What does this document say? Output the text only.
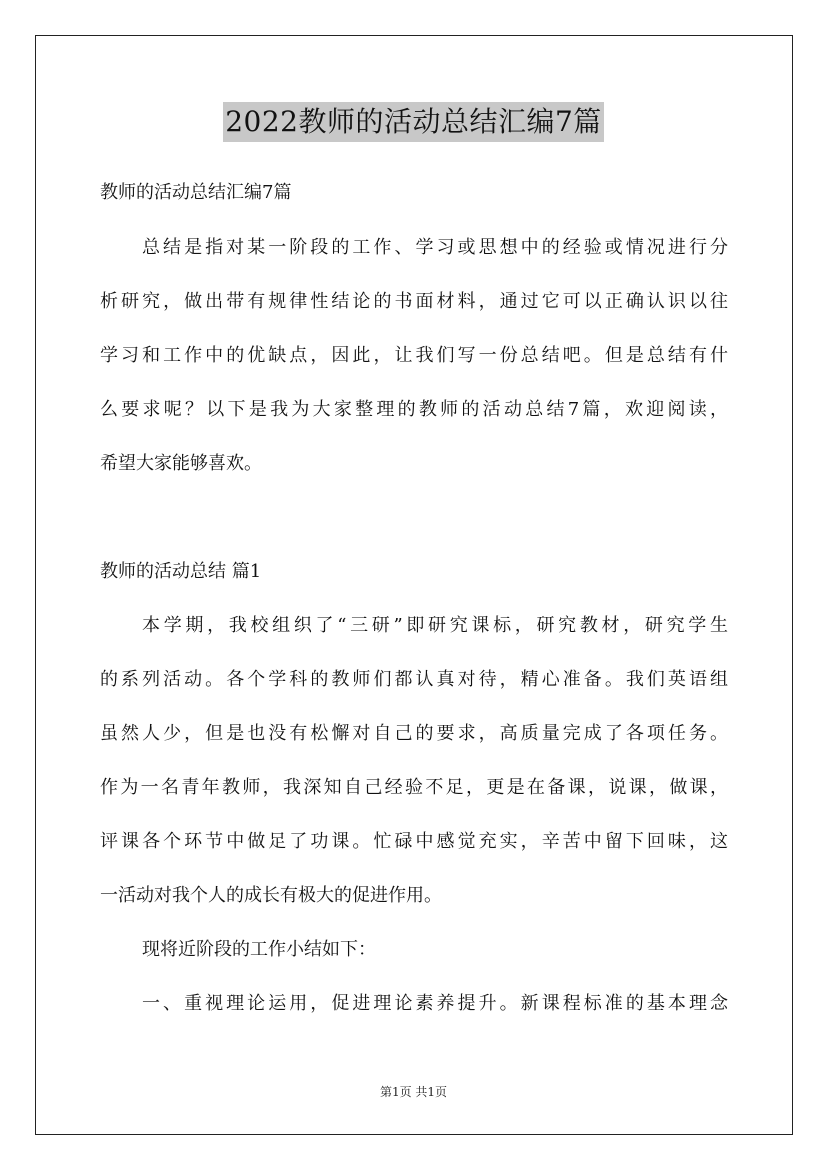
2022教师的活动总结汇编7篇
教师的活动总结汇编7篇
总结是指对某一阶段的工作、学习或思想中的经验或情况进行分
析研究，做出带有规律性结论的书面材料，通过它可以正确认识以往
学习和工作中的优缺点，因此，让我们写一份总结吧。但是总结有什
么要求呢？以下是我为大家整理的教师的活动总结7篇，欢迎阅读，
希望大家能够喜欢。
教师的活动总结 篇1
本学期，我校组织了“三研”即研究课标，研究教材，研究学生
的系列活动。各个学科的教师们都认真对待，精心准备。我们英语组
虽然人少，但是也没有松懈对自己的要求，高质量完成了各项任务。
作为一名青年教师，我深知自己经验不足，更是在备课，说课，做课，
评课各个环节中做足了功课。忙碌中感觉充实，辛苦中留下回味，这
一活动对我个人的成长有极大的促进作用。
现将近阶段的工作小结如下：
一、重视理论运用，促进理论素养提升。新课程标准的基本理念
第1页 共1页
